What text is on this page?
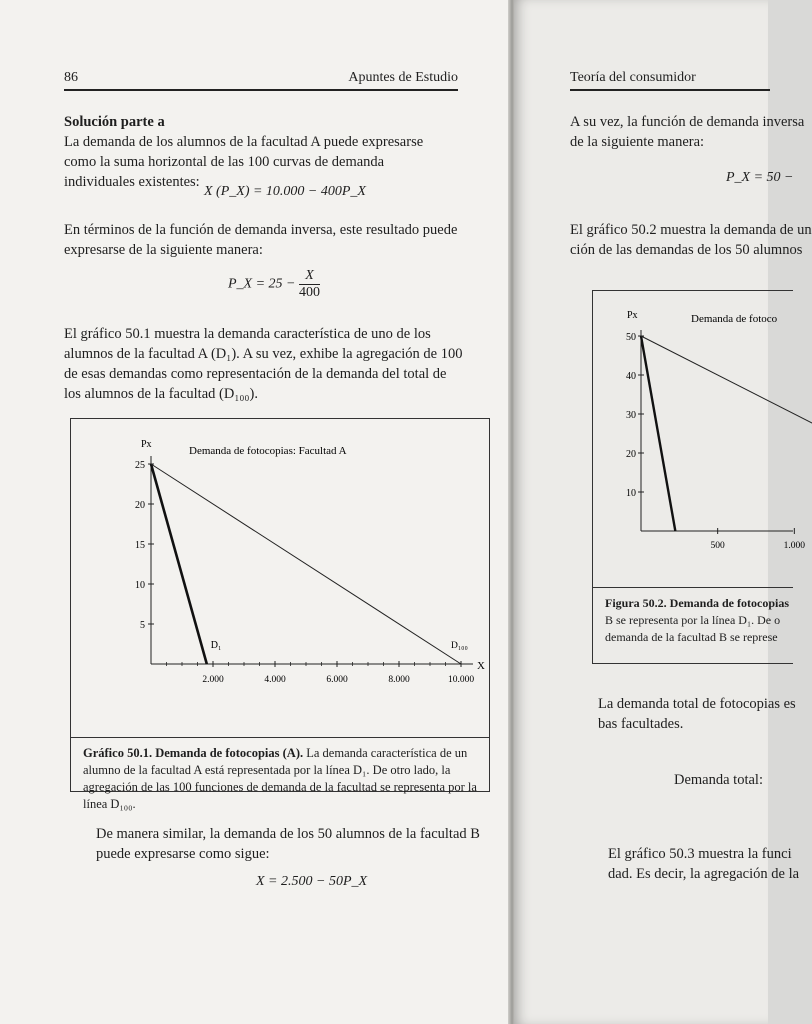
86	Apuntes de Estudio
Solución parte a
La demanda de los alumnos de la facultad A puede expresarse como la suma horizontal de las 100 curvas de demanda individuales existentes:
X (P_X) = 10.000 − 400P_X
En términos de la función de demanda inversa, este resultado puede expresarse de la siguiente manera:
P_X = $25 - \frac{X}{400}$
El gráfico 50.1 muestra la demanda característica de uno de los alumnos de la facultad A (D₁). A su vez, exhibe la agregación de 100 de esas demandas como representación de la demanda del total de los alumnos de la facultad (D₁₀₀).
Px
X
Demanda de fotocopias: Facultad A
5
10
15
20
25
2.000	4.000	6.000	8.000	10.000
D₁	D₁₀₀
Gráfico 50.1. Demanda de fotocopias (A). La demanda característica de un alumno de la facultad A está representada por la línea D₁. De otro lado, la agregación de las 100 funciones de demanda de la facultad se representa por la línea D₁₀₀.
De manera similar, la demanda de los 50 alumnos de la facultad B puede expresarse como sigue:
X = 2.500 − 50P_X
Teoría del consumidor
A su vez, la función de demanda inversa
de la siguiente manera:
P_X = 50 −
El gráfico 50.2 muestra la demanda de un
ción de las demandas de los 50 alumnos
Px	Demanda de fotoco
10
20
30
40
50
500	1.000
Figura 50.2. Demanda de fotocopias
B se representa por la línea D₁. De o
demanda de la facultad B se represe
La demanda total de fotocopias es
bas facultades.
Demanda total:
El gráfico 50.3 muestra la funci
dad. Es decir, la agregación de la
